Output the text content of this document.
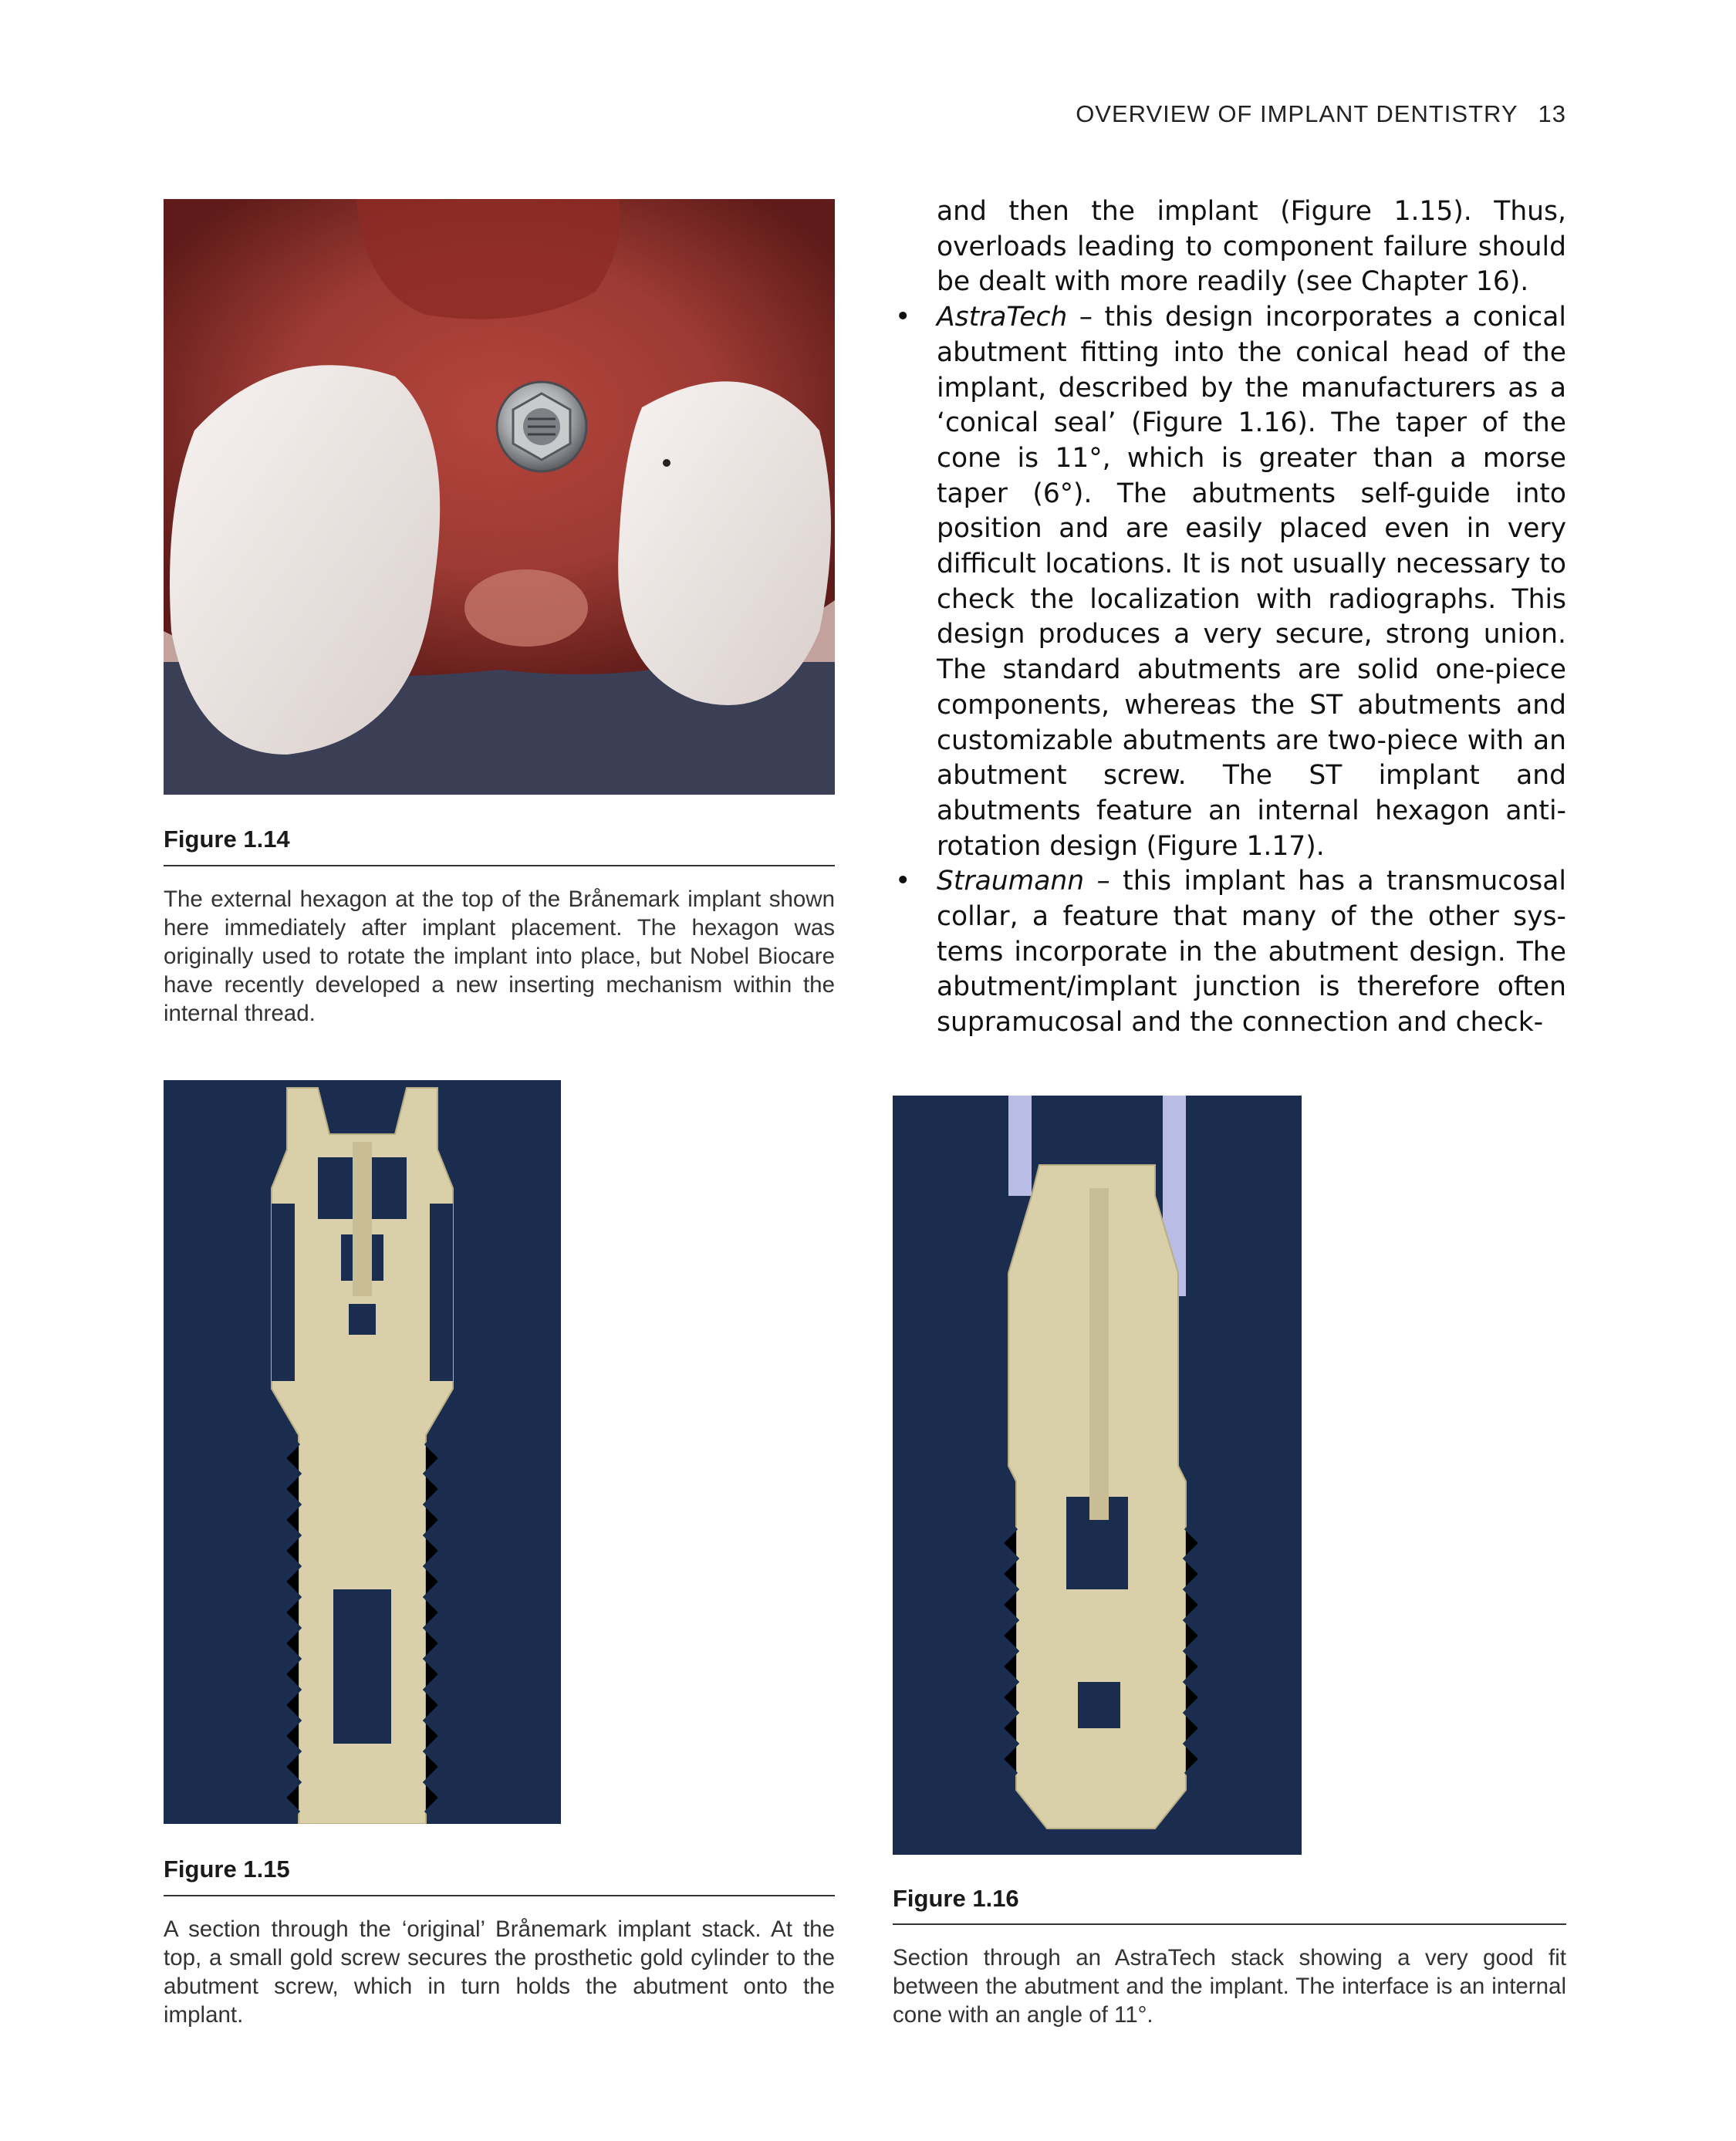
OVERVIEW OF IMPLANT DENTISTRY 13
Figure 1.14
The external hexagon at the top of the Brånemark implant shown here immediately after implant placement. The hexagon was originally used to rotate the implant into place, but Nobel Biocare have recently developed a new inserting mechanism within the internal thread.

and then the implant (Figure 1.15). Thus, overloads leading to component failure should be dealt with more readily (see Chapter 16).

• AstraTech – this design incorporates a conical abutment fitting into the conical head of the implant, described by the manufacturers as a ‘conical seal’ (Figure 1.16). The taper of the cone is 11°, which is greater than a morse taper (6°). The abutments self-guide into position and are easily placed even in very difficult locations. It is not usually necessary to check the localization with radiographs. This design produces a very secure, strong union. The standard abutments are solid one-piece components, whereas the ST abutments and customizable abutments are two-piece with an abutment screw. The ST implant and abutments feature an internal hexagon anti-rotation design (Figure 1.17).
• Straumann – this implant has a transmucosal collar, a feature that many of the other sys-tems incorporate in the abutment design. The abutment/implant junction is therefore often supramucosal and the connection and check-
Figure 1.15
A section through the ‘original’ Brånemark implant stack. At the top, a small gold screw secures the prosthetic gold cylinder to the abutment screw, which in turn holds the abutment onto the implant.
Figure 1.16
Section through an AstraTech stack showing a very good fit between the abutment and the implant. The interface is an internal cone with an angle of 11°.
